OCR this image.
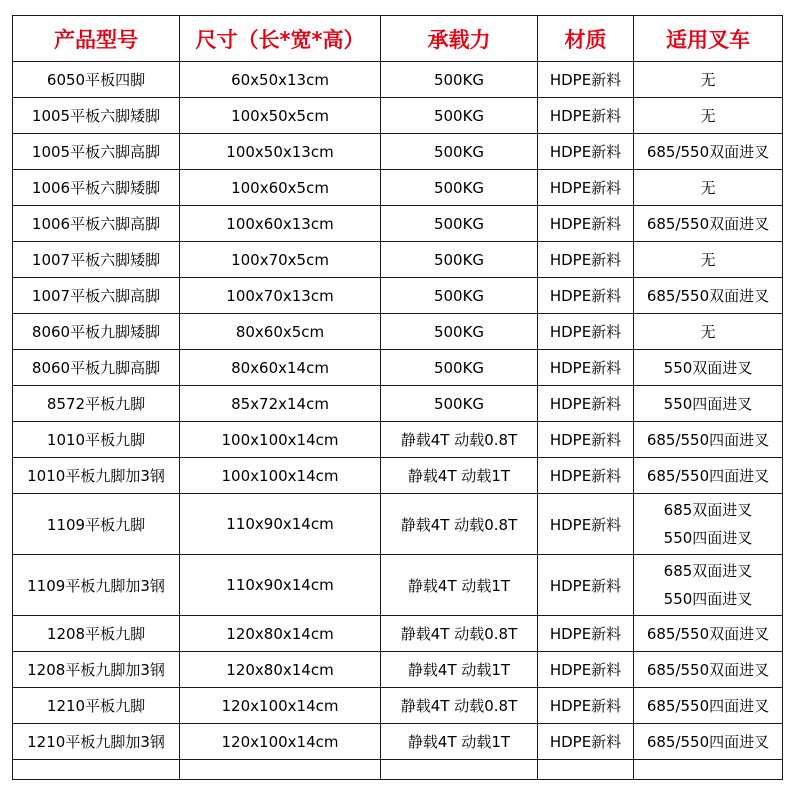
产品型号	尺寸（长*宽*高）	承载力	材质	适用叉车
6050平板四脚	60x50x13cm	500KG	HDPE新料	无

1005平板六脚矮脚	100x50x5cm	500KG	HDPE新料	无

1005平板六脚高脚	100x50x13cm	500KG	HDPE新料	685/550双面进叉

1006平板六脚矮脚	100x60x5cm	500KG	HDPE新料	无

1006平板六脚高脚	100x60x13cm	500KG	HDPE新料	685/550双面进叉

1007平板六脚矮脚	100x70x5cm	500KG	HDPE新料	无

1007平板六脚高脚	100x70x13cm	500KG	HDPE新料	685/550双面进叉

8060平板九脚矮脚	80x60x5cm	500KG	HDPE新料	无

8060平板九脚高脚	80x60x14cm	500KG	HDPE新料	550双面进叉

8572平板九脚	85x72x14cm	500KG	HDPE新料	550四面进叉

1010平板九脚	100x100x14cm	静载4T 动载0.8T	HDPE新料	685/550四面进叉

1010平板九脚加3钢	100x100x14cm	静载4T 动载1T	HDPE新料	685/550四面进叉

1109平板九脚	110x90x14cm	静载4T 动载0.8T	HDPE新料	685双面进叉
550四面进叉

1109平板九脚加3钢	110x90x14cm	静载4T 动载1T	HDPE新料	685双面进叉
550四面进叉

1208平板九脚	120x80x14cm	静载4T 动载0.8T	HDPE新料	685/550双面进叉

1208平板九脚加3钢	120x80x14cm	静载4T 动载1T	HDPE新料	685/550双面进叉

1210平板九脚	120x100x14cm	静载4T 动载0.8T	HDPE新料	685/550四面进叉

1210平板九脚加3钢	120x100x14cm	静载4T 动载1T	HDPE新料	685/550四面进叉
